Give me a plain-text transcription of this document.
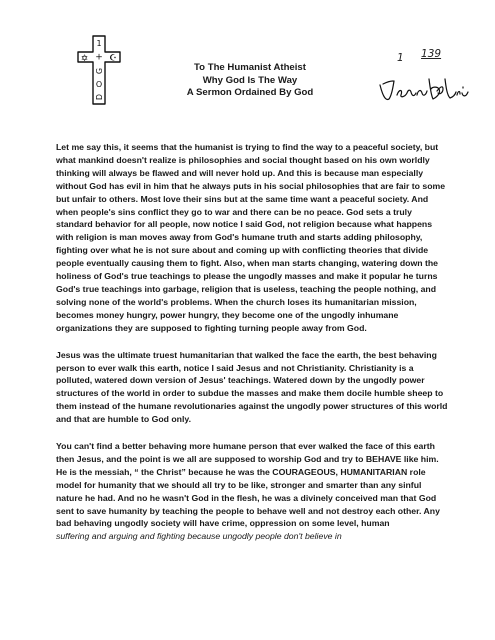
✡ ☪
1
+
G
O
D
To The Humanist Atheist
Why God Is The Way
A Sermon Ordained By God
1 139

Let me say this, it seems that the humanist is trying to find the way to a peaceful society, but what mankind doesn't realize is philosophies and social thought based on his own worldly thinking will always be flawed and will never hold up. And this is because man especially without God has evil in him that he always puts in his social philosophies that are fair to some but unfair to others. Most love their sins but at the same time want a peaceful society. And when people's sins conflict they go to war and there can be no peace. God sets a truly standard behavior for all people, now notice I said God, not religion because what happens with religion is man moves away from God's humane truth and starts adding philosophy, fighting over what he is not sure about and coming up with conflicting theories that divide people eventually causing them to fight. Also, when man starts changing, watering down the holiness of God's true teachings to please the ungodly masses and make it popular he turns God's true teachings into garbage, religion that is useless, teaching the people nothing, and solving none of the world's problems. When the church loses its humanitarian mission, becomes money hungry, power hungry, they become one of the ungodly inhumane organizations they are supposed to fighting turning people away from God.

Jesus was the ultimate truest humanitarian that walked the face the earth, the best behaving person to ever walk this earth, notice I said Jesus and not Christianity. Christianity is a polluted, watered down version of Jesus' teachings. Watered down by the ungodly power structures of the world in order to subdue the masses and make them docile humble sheep to them instead of the humane revolutionaries against the ungodly power structures of this world and that are humble to God only.

You can't find a better behaving more humane person that ever walked the face of this earth then Jesus, and the point is we all are supposed to worship God and try to BEHAVE like him. He is the messiah, “ the Christ” because he was the COURAGEOUS, HUMANITARIAN role model for humanity that we should all try to be like, stronger and smarter than any sinful nature he had. And no he wasn't God in the flesh, he was a divinely conceived man that God sent to save humanity by teaching the people to behave well and not destroy each other. Any bad behaving ungodly society will have crime, oppression on some level, human

suffering and arguing and fighting because ungodly people don't believe in
